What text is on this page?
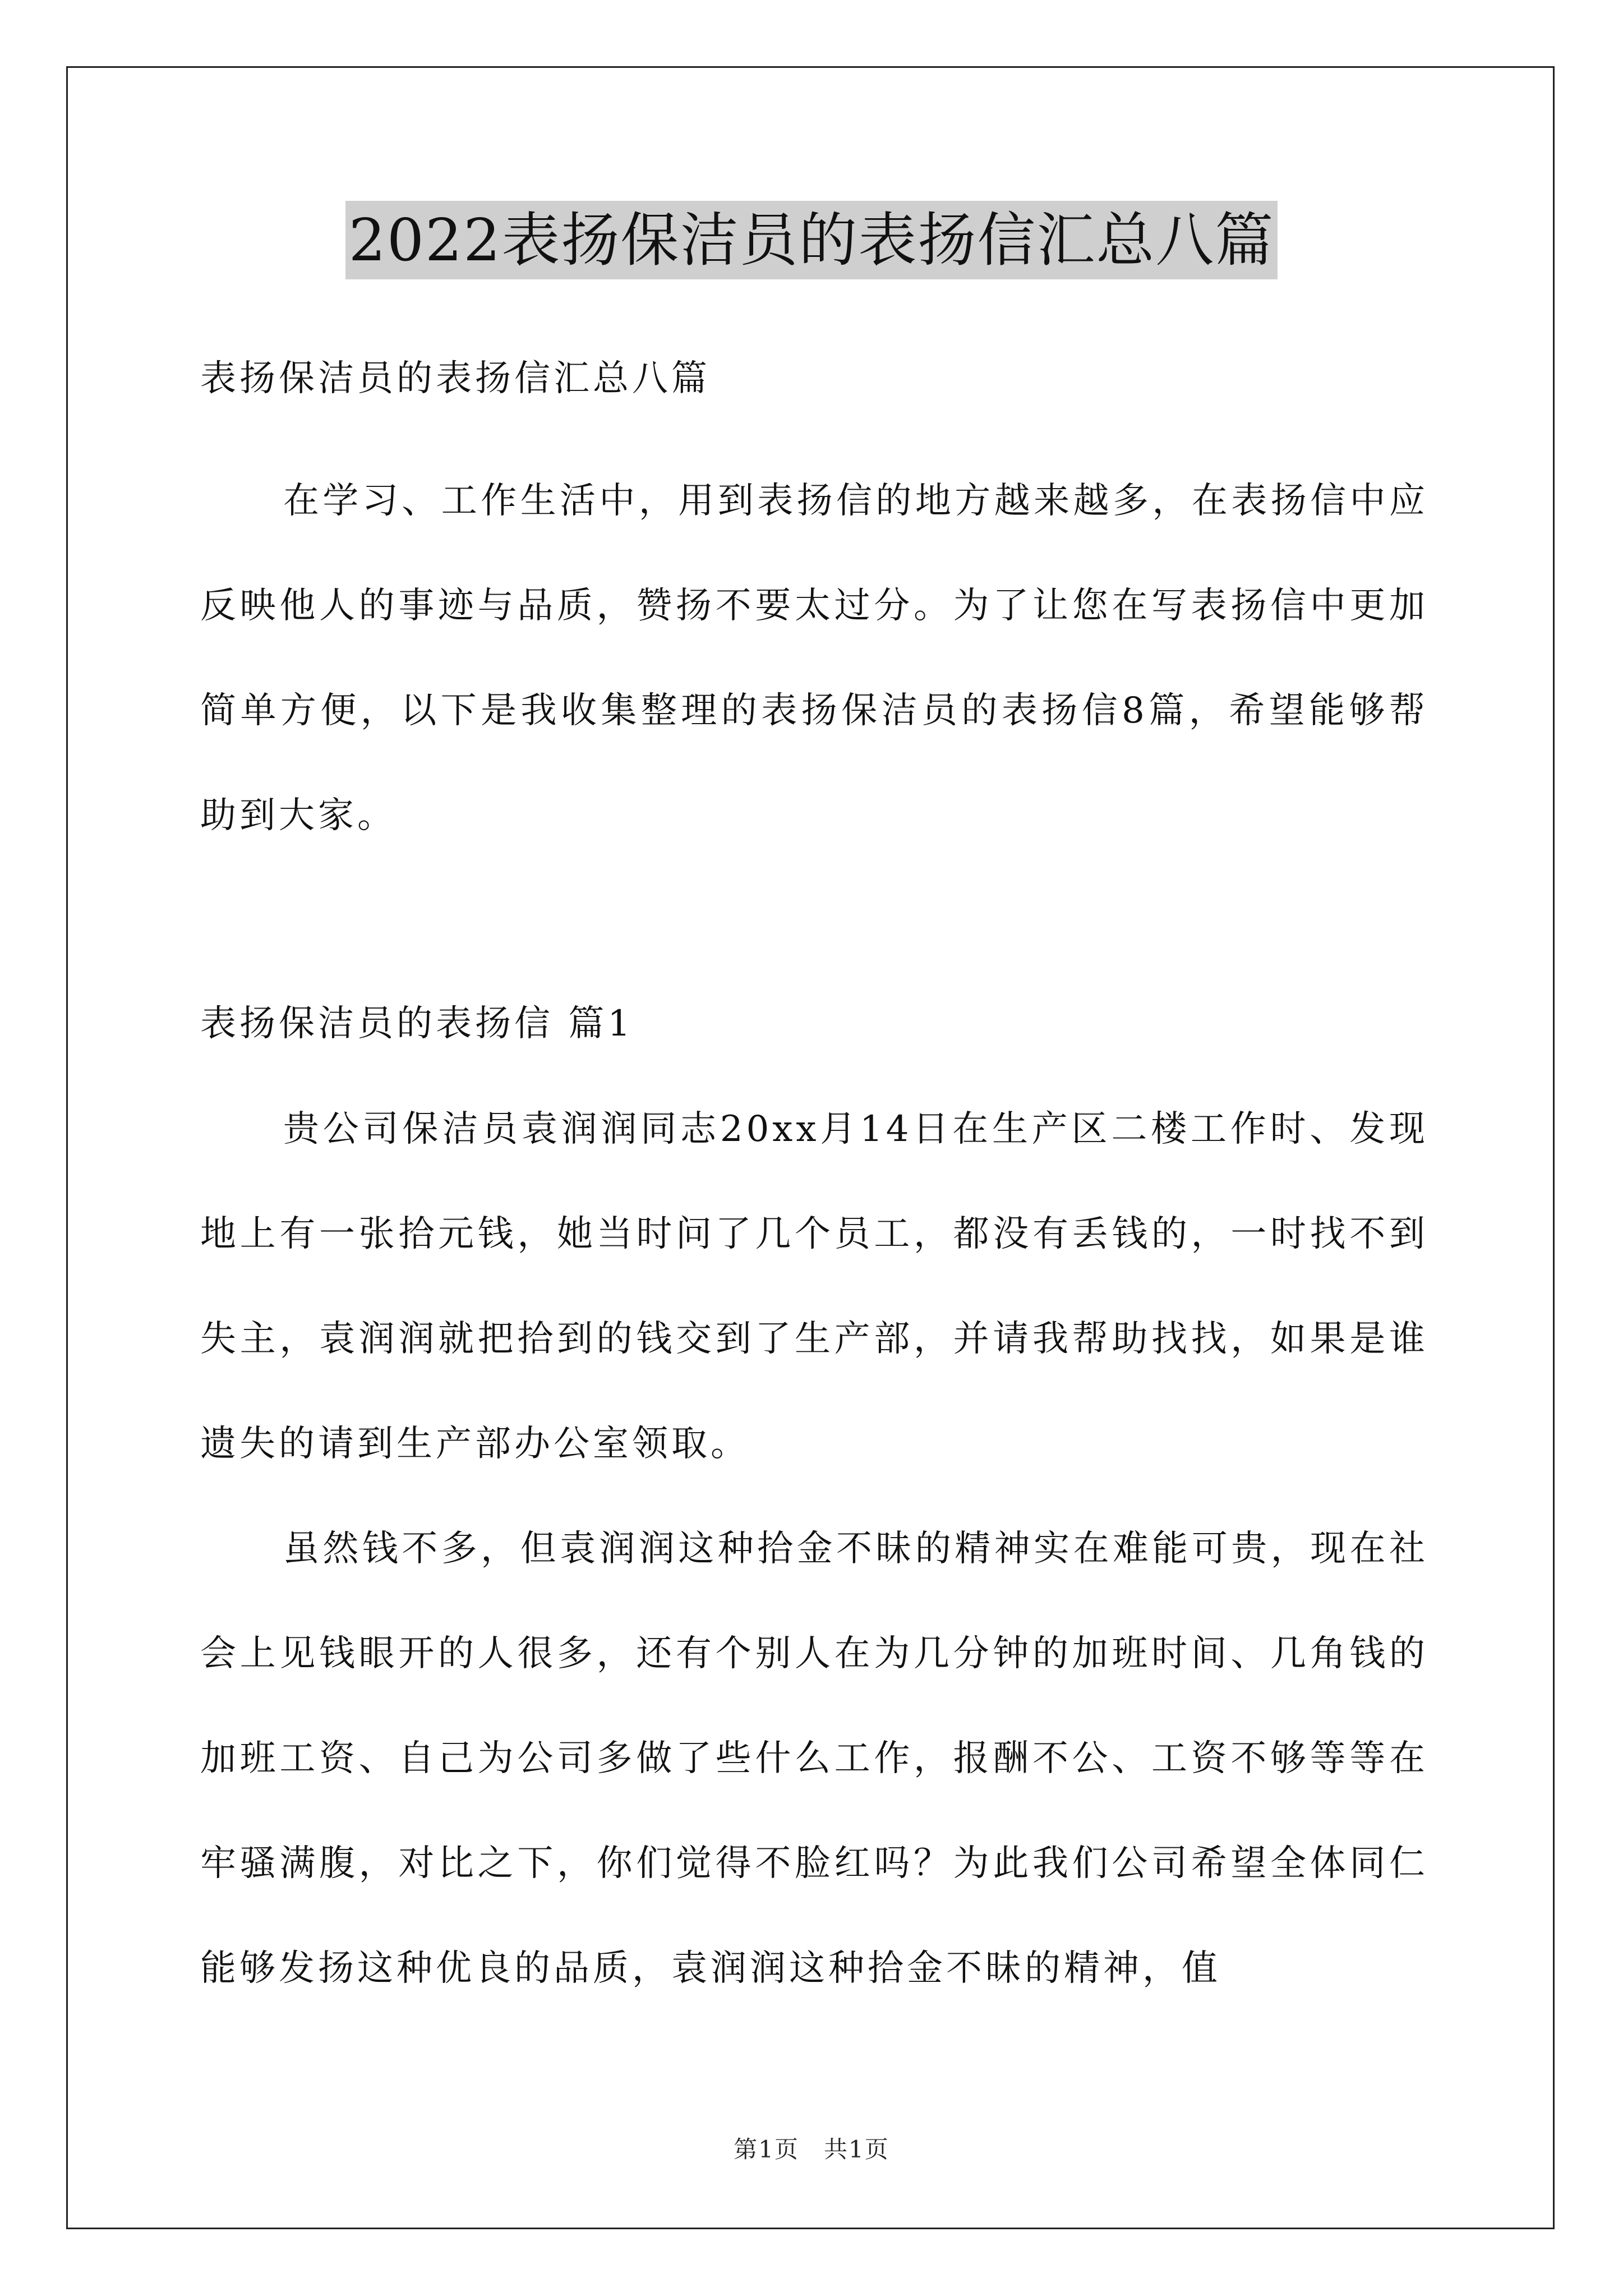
2022表扬保洁员的表扬信汇总八篇
表扬保洁员的表扬信汇总八篇

在学习、工作生活中，用到表扬信的地方越来越多，在表扬信中应反映他人的事迹与品质，赞扬不要太过分。为了让您在写表扬信中更加简单方便，以下是我收集整理的表扬保洁员的表扬信8篇，希望能够帮助到大家。

表扬保洁员的表扬信 篇1

贵公司保洁员袁润润同志20xx月14日在生产区二楼工作时、发现地上有一张拾元钱，她当时问了几个员工，都没有丢钱的，一时找不到失主，袁润润就把拾到的钱交到了生产部，并请我帮助找找，如果是谁遗失的请到生产部办公室领取。

虽然钱不多，但袁润润这种拾金不昧的精神实在难能可贵，现在社会上见钱眼开的人很多，还有个别人在为几分钟的加班时间、几角钱的加班工资、自己为公司多做了些什么工作，报酬不公、工资不够等等在牢骚满腹，对比之下，你们觉得不脸红吗？为此我们公司希望全体同仁能够发扬这种优良的品质，袁润润这种拾金不昧的精神，值

第1页　共1页
